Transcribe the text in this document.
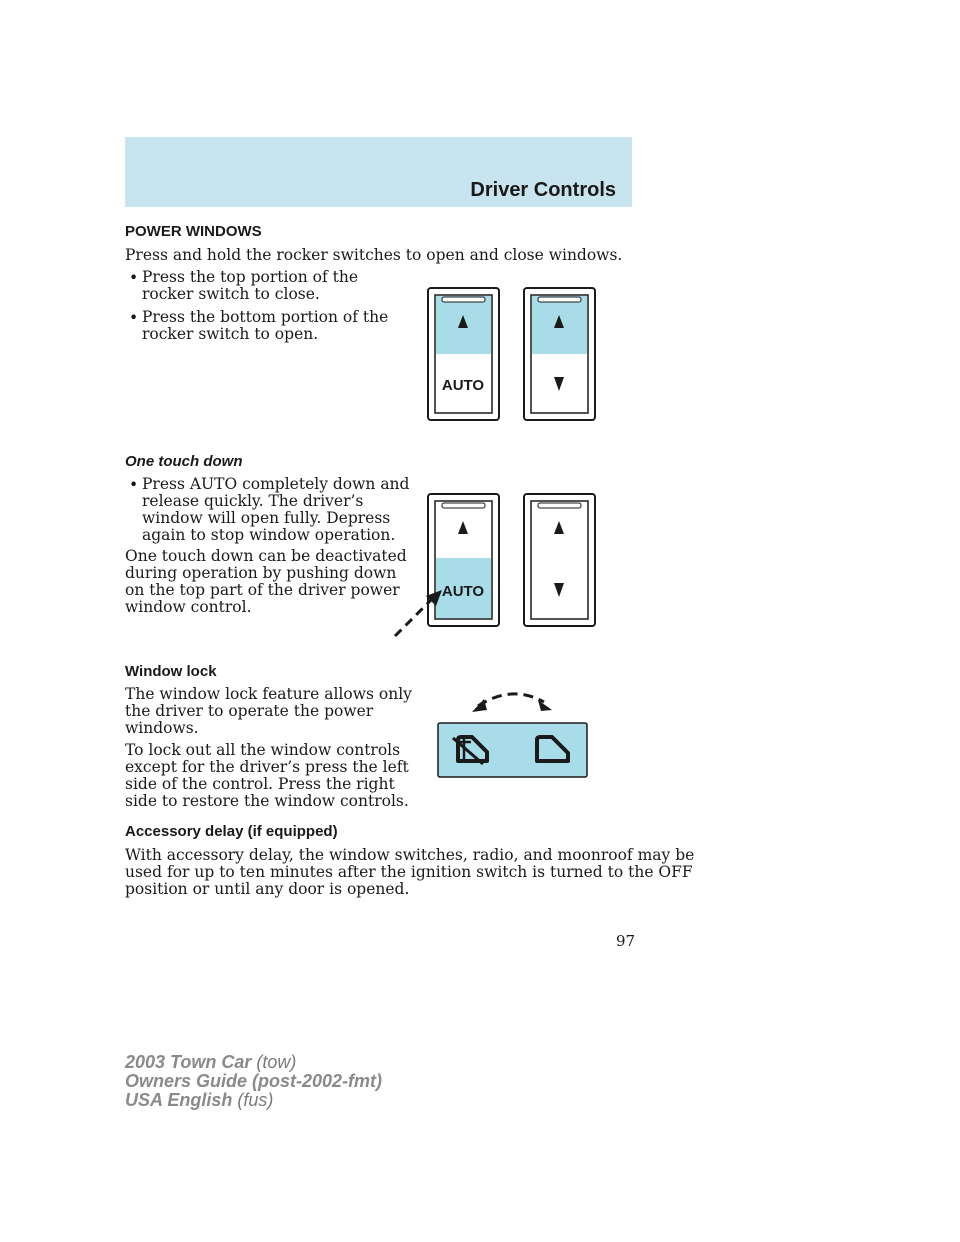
Driver Controls
POWER WINDOWS
Press and hold the rocker switches to open and close windows.
• Press the top portion of the
rocker switch to close.
• Press the bottom portion of the
rocker switch to open.
AUTO
One touch down
• Press AUTO completely down and
release quickly. The driver’s
window will open fully. Depress
again to stop window operation.
One touch down can be deactivated
during operation by pushing down
on the top part of the driver power
window control.
AUTO
Window lock
The window lock feature allows only
the driver to operate the power
windows.
To lock out all the window controls
except for the driver’s press the left
side of the control. Press the right
side to restore the window controls.
Accessory delay (if equipped)
With accessory delay, the window switches, radio, and moonroof may be
used for up to ten minutes after the ignition switch is turned to the OFF
position or until any door is opened.
97
2003 Town Car (tow)
Owners Guide (post-2002-fmt)
USA English (fus)
